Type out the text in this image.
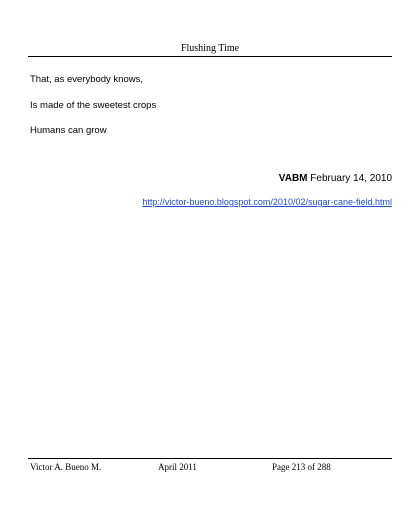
Flushing Time
That, as everybody knows,
Is made of the sweetest crops
Humans can grow
VABM February 14, 2010
http://victor-bueno.blogspot.com/2010/02/sugar-cane-field.html
Victor A. Bueno M.	April 2011	Page 213 of 288
